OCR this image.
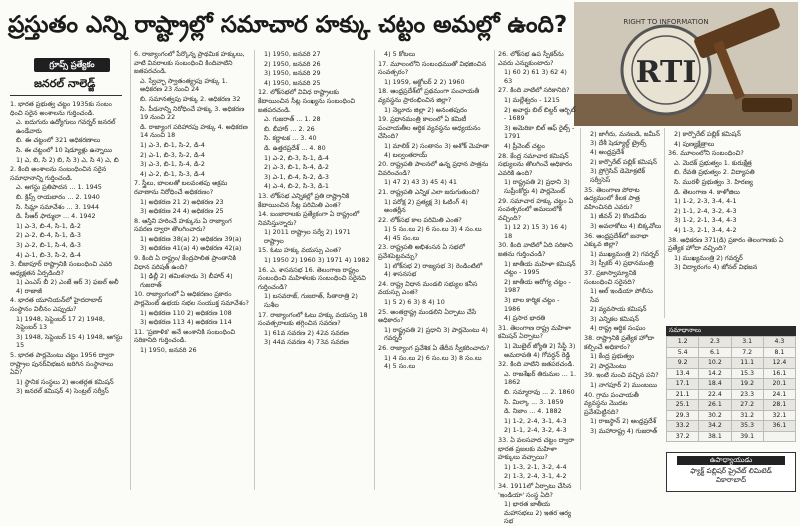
ప్రస్తుతం ఎన్ని రాష్ట్రాల్లో సమాచార హక్కు చట్టం అమల్లో ఉంది?
RTI
RIGHT TO INFORMATION
గ్రూప్స్ ప్రత్యేకం
జనరల్ నాలెడ్జ్

1. భారత ప్రభుత్వ చట్టం 1935కు సంబం ధించి సరైన అంశాలను గుర్తించండి.

ఎ. ఐదుగురు ఉద్యోగులు గవర్నర్ జనరల్ ఉండేవారు

బి. ఈ చట్టంలో 321 అధికరణాలు

సి. ఈ చట్టంలో 10 షెడ్యూళ్లు ఉన్నాయి

1) ఎ, బి, సి 2) బి, సి 3) ఎ, సి 4) ఎ, బి

2. కింది అంశాలను సంబంధించిన సరైన సమాధానాన్ని గుర్తించండి.

ఎ. ఆగస్టు ప్రతిపాదన ... 1. 1945

బి. క్రిప్స్ రాయబారం ... 2. 1940

సి. సిమ్లా సమావేశం ... 3. 1944

డి. సీఆర్ ఫార్ములా ... 4. 1942

1) ఎ-3, బి-4, సి-1, డి-2

2) ఎ-2, బి-4, సి-1, డి-3

3) ఎ-2, బి-1, సి-4, డి-3

4) ఎ-1, బి-3, సి-2, డి-4

3. బీజాపూర్ రాష్ట్రానికి సంబంధించి ఎవరి అధ్యక్షతన ఏర్పడింది?

1) ఎంఎస్ బీ 2) ఎంజే ఆర్ 3) ఫజల్ అలీ 4) రాజాజీ

4. భారత యూనియన్‌లో హైదరాబాద్ సంస్థానం విలీనం ఎప్పుడు?

1) 1948, సెప్టెంబర్ 17 2) 1948, సెప్టెంబర్ 13

3) 1948, సెప్టెంబర్ 15 4) 1948, ఆగస్టు 15

5. భారత పార్లమెంటు చట్టం 1956 ద్వారా రాష్ట్రాల పునర్‌విభజన జరిగిన సంస్థానాలు ఏవి?

1) స్థానిక సంస్థలు 2) అంతర్గత కమిషన్

3) జనరల్ కమిషన్ 4) సెంట్రల్ సర్వీస్

6. రాజ్యాంగంలో పేర్కొన్న ప్రాథమిక హక్కులు, వాటి వివరాలకు సంబంధించి కిందివాటిని జతపరచండి.

ఎ. స్వేచ్ఛా స్వాతంత్య్రపు హక్కు 1. అధికరణ 23 నుంచి 24

బి. సమానత్వపు హక్కు 2. అధికరణ 32

సి. పీడనాన్ని నిరోధించే హక్కు 3. అధికరణ 19 నుంచి 22

డి. రాజ్యాంగ పరిహారపు హక్కు 4. అధికరణ 14 నుంచి 18

1) ఎ-3, బి-1, సి-2, డి-4

2) ఎ-1, బి-3, సి-2, డి-4

3) ఎ-3, బి-1, సి-4, డి-2

4) ఎ-2, బి-1, సి-3, డి-4

7. స్త్రీలు, బాలలతో బలవంతపు అక్రమ రవాణాను నిరోధించే అధికరణం?

1) అధికరణ 21 2) అధికరణ 23

3) అధికరణ 24 4) అధికరణ 25

8. ఆస్తిని హరించే హక్కును ఏ రాజ్యాంగ సవరణ ద్వారా తొలగించారు?

1) అధికరణ 38(a) 2) అధికరణ 39(a)

3) అధికరణ 41(a) 4) అధికరణ 42(a)

9. కింది ఏ రాష్ట్రం/ కేంద్రపాలిత ప్రాంతానికి విధాన పరిషత్ ఉంది?

1) ఢిల్లీ 2) తమిళనాడు 3) బీహార్ 4) గుజరాత్

10. రాజ్యాంగంలో ఏ అధికరణం ప్రకారం పార్లమెంట్ ఉభయ సభల సంయుక్త సమావేశం?

1) అధికరణ 110 2) అధికరణ 108

3) అధికరణ 113 4) అధికరణ 114

11. 'ప్రణాళిక' అనే అంశానికి సంబంధించి సరికానిది గుర్తించండి.

1) 1950, జనవరి 26

1) 1950, జనవరి 27

2) 1950, జనవరి 26

3) 1950, జనవరి 29

4) 1950, జనవరి 25

12. లోక్‌సభలో వివిధ రాష్ట్రాలకు కేటాయించిన సీట్ల సంఖ్యను సంబంధించి జతపరచండి.

ఎ. గుజరాత్ ... 1. 28

బి. బీహార్ ... 2. 26

సి. కర్ణాటక ... 3. 40

డి. ఉత్తరప్రదేశ్ ... 4. 80

1) ఎ-2, బి-3, సి-1, డి-4

2) ఎ-3, బి-1, సి-4, డి-2

3) ఎ-1, బి-4, సి-2, డి-3

4) ఎ-4, బి-2, సి-3, డి-1

13. లోక్‌సభ ఎన్నికల్లో ప్రతి రాష్ట్రానికి కేటాయించిన సీట్ల పరిమితి ఎంత?

14. బంజారాలకు ప్రత్యేకంగా ఏ రాష్ట్రంలో నివసిస్తున్నారు?

1) 2011 రాష్ట్రాల సర్వే 2) 1971 రాష్ట్రాల

15. ఓటు హక్కు వయస్సు ఎంత?

1) 1950 2) 1960 3) 1971 4) 1982

16. ఎ. శాసనసభ 16. తెలంగాణ రాష్ట్రం సంబంధించి మహిళలకు సంబంధించి సరైనవి గుర్తించండి?

1) బసవరాజ్, గుజరాత్, సీతారాత్రి 2) సుశీల

17. రాజ్యాంగంలో ఓటు హక్కు వయస్సు 18 సంవత్సరాలకు తగ్గించిన సవరణ?

1) 61వ సవరణ 2) 42వ సవరణ

3) 44వ సవరణ 4) 73వ సవరణ

4) 5 కోటలు

17. మూలంలోని సంబంధముతో విభజించిన సంవత్సరం?

1) 1959, అక్టోబర్ 2 2) 1960

18. ఆంధ్రప్రదేశ్‌లో ప్రథమంగా పంచాయతీ వ్యవస్థను ప్రారంభించిన జిల్లా?

1) నెల్లూరు జిల్లా 2) అనంతపురం

19. ప్రధానమంత్రి కాలంలో ఏ కమిటీ పంచాయతీల ఆర్థిక వ్యవస్థను అధ్యయనం చేసింది?

1) మాలిక్ 2) సంతానం 3) అశోక్ మెహతా 4) బల్వంతరాయ్

20. రాష్ట్రపతి పాలనలో ఉన్న ప్రధాన పాత్రను వివరించండి?

1) 47 2) 43 3) 45 4) 41

21. రాష్ట్రపతి ఎన్నిక ఎలా జరుగుతుంది?

1) పరోక్ష 2) ప్రత్యక్ష 3) ఓటింగ్ 4) అంతర్లీన

22. లోక్‌సభ కాల పరిమితి ఎంత?

1) 5 సం.లు 2) 6 సం.లు 3) 4 సం.లు 4) 45 సం.లు

23. రాష్ట్రపతి అభిశంసన ఏ సభలో ప్రవేశపెట్టవచ్చు?

1) లోక్‌సభ 2) రాజ్యసభ 3) రెండింటిలో 4) శాసనసభ

24. రాష్ట్ర విధాన మండలి సభ్యుల కనీస వయస్సు ఎంత?

1) 5 2) 6 3) 8 4) 10

25. అంతర్రాష్ట్ర మండలిని ఏర్పాటు చేసే అధికారం?

1) రాష్ట్రపతి 2) ప్రధాని 3) పార్లమెంటు 4) గవర్నర్

26. రాజ్యాంగ ప్రవేశిక ఏ తేదీన స్వీకరించారు?

1) 4 సం.లు 2) 6 సం.లు 3) 8 సం.లు 4) 5 సం.లు

26. లోక్‌సభ ఉప స్పీకర్‌ను ఎవరు ఎన్నుకుంటారు?

1) 60 2) 61 3) 62 4) 63

27. కింది వాటిలో సరికానిది?

1) మల్లేశ్వరం - 1215

2) అవార్డు బిల్ బిల్డర్ ఆర్బిట్ - 1689

3) అమెరికా బిల్ ఆఫ్ రైట్స్ - 1791

4) ప్రీవెంట్ చట్టం

28. కేంద్ర సమాచార కమిషన్ సభ్యులను తొలగించే అధికారం ఎవరికి ఉంది?

1) రాష్ట్రపతి 2) ప్రధాని 3) సుప్రీంకోర్టు 4) పార్లమెంట్

29. సమాచార హక్కు చట్టం ఏ సంవత్సరంలో అమలులోకి వచ్చింది?

1) 12 2) 15 3) 16 4) 18

30. కింది వాటిలో ఏది సరికాని జతను గుర్తించండి?

1) జాతీయ మహిళా కమిషన్ చట్టం - 1995

2) జాతీయ ఆరోగ్య చట్టం - 1987

3) బాల కార్మిక చట్టం - 1986

4) ప్రసార భారతి

31. తెలంగాణ రాష్ట్ర మహిళా కమిషన్ ఏర్పాటు?

1) మొబైల్ జ్యోతి 2) సేఫ్టీ 3) అమరావతి 4) గోవర్ధన్ రెడ్డి

32. కింది వాటిని జతపరచండి.

ఎ. రాజశేఖర్ తిరుమల ... 1. 1862

బి. సమ్మారావు ... 2. 1860

సి. మిల్కా ... 3. 1859

డి. నిజాం ... 4. 1882

1) 1-2, 2-4, 3-1, 4-3

2) 1-1, 2-4, 3-2, 4-3

33. ఏ వలసవాద చట్టం ద్వారా భారత ప్రజలకు మహిళా హక్కులు వచ్చాయి?

1) 1-3, 2-1, 3-2, 4-4

2) 1-3, 2-4, 3-1, 4-2

34. 1911లో ఏర్పాటు చేసిన 'ఇండియా' సంస్థ ఏది?

1) భారత జాతీయ మహాసభలు 2) ఇతర ఆర్య సభ

2) జాగీరు, మనబడి, జమీన్ 3) దేశీ షెడ్యూల్డ్ ట్రైబ్స్

4) ఆంధ్రప్రదేశ్

2) కార్పొరేట్ పబ్లిక్ కమిషన్

3) ప్రోగ్రెసివ్ డెమోక్రటిక్ సర్వీసెస్

35. తెలంగాణ పోరాట ఉద్యమంలో కీలక పాత్ర వహించినది ఎవరు?

1) జీవన్ 2) కొండవీడు

3) అవలాకోటు 4) బిక్కవోలు

36. ఆంధ్రప్రదేశ్‌లో జనాభా ఎక్కువ జిల్లా?

1) ముఖ్యమంత్రి 2) గవర్నర్

3) స్పీకర్ 4) ప్రధానమంత్రి

37. ప్రజాస్వామ్యానికి సంబంధించి సరైనది?

1) ఆల్ ఇండియా పోలీసు సేవ

2) వ్యవసాయ కమిషన్

3) ఎన్నికల కమిషన్

4) రాష్ట్ర ఆర్థిక సంఘం

38. రాష్ట్రానికి ప్రత్యేక హోదా కల్పించే అధికారం?

1) కేంద్ర ప్రభుత్వం

2) పార్లమెంటు

39. ఇంటి నుంచి వచ్చిన పని?

1) నాగపూర్ 2) ముంబయి

40. గ్రామ పంచాయతీ వ్యవస్థను మొదట ప్రవేశపెట్టినది?

1) రాజస్థాన్ 2) ఆంధ్రప్రదేశ్

3) మహారాష్ట్ర 4) గుజరాత్

2) కార్పొరేట్ పబ్లిక్ కమిషన్

4) పుణ్యక్షేత్రాలు

36. మూలంలోని సంబంధించి?

ఎ. మెదక్ ప్రభుత్వం 1. కురుక్షేత్ర

బి. రేవతి ప్రభుత్వం 2. విద్యాపతి

సి. మురళీ ప్రభుత్వం 3. హిరణ్య

డి. తెలంగాణ 4. కాళోజిలు

1) 1-2, 2-3, 3-4, 4-1

2) 1-1, 2-4, 3-2, 4-3

3) 1-2, 2-1, 3-4, 4-3

4) 1-3, 2-1, 3-4, 4-2

38. అధికరణ 371(డి) ప్రకారం తెలంగాణకు ఏ ప్రత్యేక హోదా వచ్చింది?

1) ముఖ్యమంత్రి 2) గవర్నర్

3) విద్యారంగం 4) జోనల్ విభజన

సమాధానాలు
1.2	2.3	3.1	4.3
5.4	6.1	7.2	8.1
9.2	10.2	11.1	12.4
13.4	14.2	15.3	16.1
17.1	18.4	19.2	20.1
21.1	22.4	23.3	24.1
25.1	26.1	27.2	28.1
29.3	30.2	31.2	32.1
33.2	34.2	35.3	36.1
37.2	38.1	39.1	
ఉపాధ్యాయుడు
ఫ్యాక్ట్ పబ్లిషర్ ప్రైవేట్ లిమిటెడ్
వికారాబాద్
